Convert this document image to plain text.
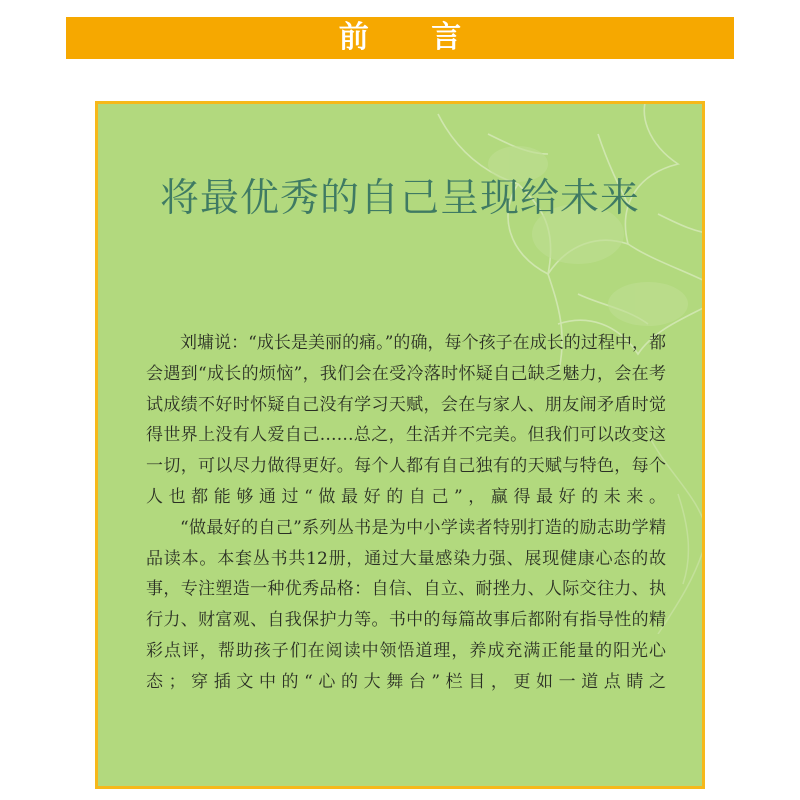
前 言
将最优秀的自己呈现给未来

刘墉说：“成长是美丽的痛。”的确，每个孩子在成长的过程中，都会遇到“成长的烦恼”，我们会在受冷落时怀疑自己缺乏魅力，会在考试成绩不好时怀疑自己没有学习天赋，会在与家人、朋友闹矛盾时觉得世界上没有人爱自己……总之，生活并不完美。但我们可以改变这一切，可以尽力做得更好。每个人都有自己独有的天赋与特色，每个人也都能够通过“做最好的自己”，赢得最好的未来。

“做最好的自己”系列丛书是为中小学读者特别打造的励志助学精品读本。本套丛书共12册，通过大量感染力强、展现健康心态的故事，专注塑造一种优秀品格：自信、自立、耐挫力、人际交往力、执行力、财富观、自我保护力等。书中的每篇故事后都附有指导性的精彩点评，帮助孩子们在阅读中领悟道理，养成充满正能量的阳光心态；穿插文中的“心的大舞台”栏目，更如一道点睛之
